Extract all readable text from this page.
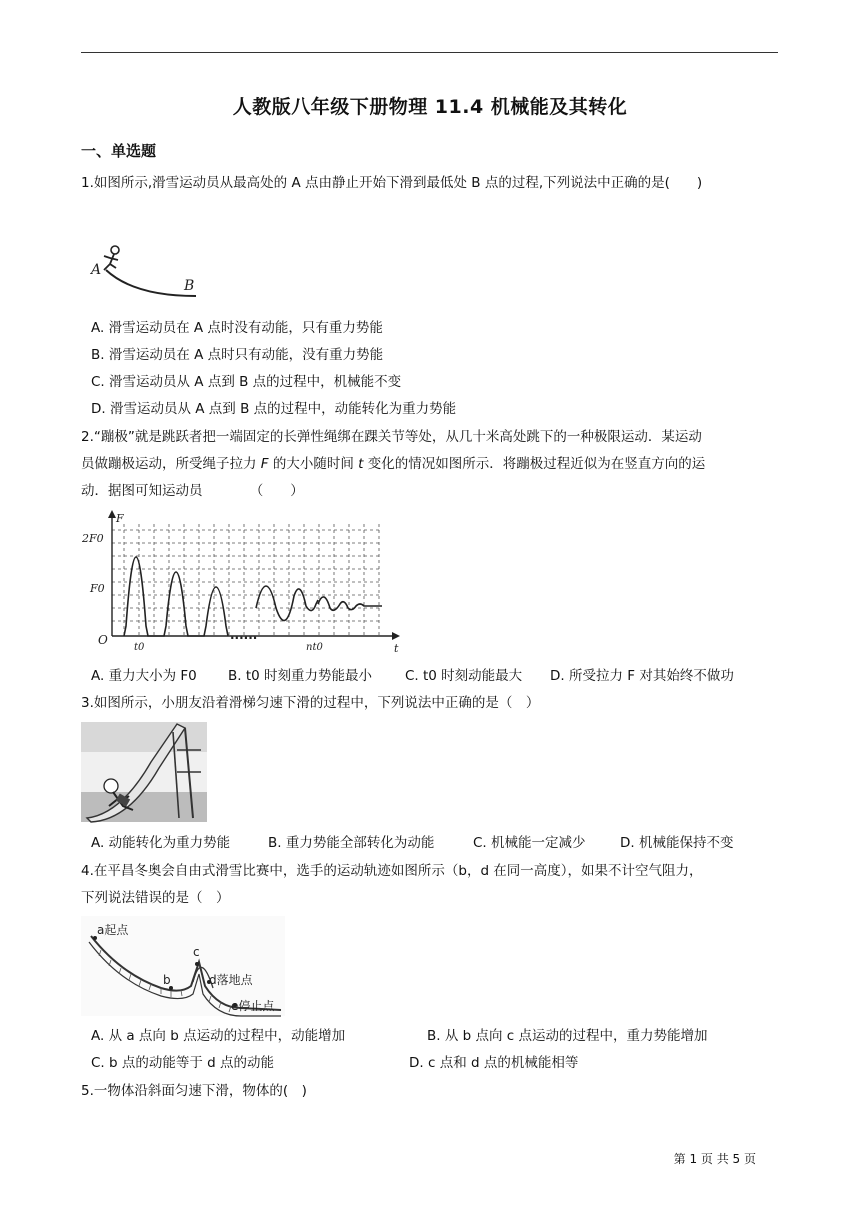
人教版八年级下册物理 11.4 机械能及其转化
一、单选题
1.如图所示,滑雪运动员从最高处的 A 点由静止开始下滑到最低处 B 点的过程,下列说法中正确的是(　　)
A
B
A. 滑雪运动员在 A 点时没有动能，只有重力势能
B. 滑雪运动员在 A 点时只有动能，没有重力势能
C. 滑雪运动员从 A 点到 B 点的过程中，机械能不变
D. 滑雪运动员从 A 点到 B 点的过程中，动能转化为重力势能
2.“蹦极”就是跳跃者把一端固定的长弹性绳绑在踝关节等处，从几十米高处跳下的一种极限运动．某运动
员做蹦极运动，所受绳子拉力 F 的大小随时间 t 变化的情况如图所示．将蹦极过程近似为在竖直方向的运
动．据图可知运动员　　　　（　　）
F
2F0
F0
O
t
t0	nt0
......
A. 重力大小为 F0 B. t0 时刻重力势能最小 C. t0 时刻动能最大 D. 所受拉力 F 对其始终不做功
3.如图所示，小朋友沿着滑梯匀速下滑的过程中，下列说法中正确的是（　）
A. 动能转化为重力势能	B. 重力势能全部转化为动能	C. 机械能一定减少	D. 机械能保持不变
4.在平昌冬奥会自由式滑雪比赛中，选手的运动轨迹如图所示（b，d 在同一高度），如果不计空气阻力，
下列说法错误的是（　）
a起点
b
c
d落地点
e停止点
A. 从 a 点向 b 点运动的过程中，动能增加	B. 从 b 点向 c 点运动的过程中，重力势能增加
C. b 点的动能等于 d 点的动能	D. c 点和 d 点的机械能相等
5.一物体沿斜面匀速下滑，物体的(　)
第 1 页 共 5 页
